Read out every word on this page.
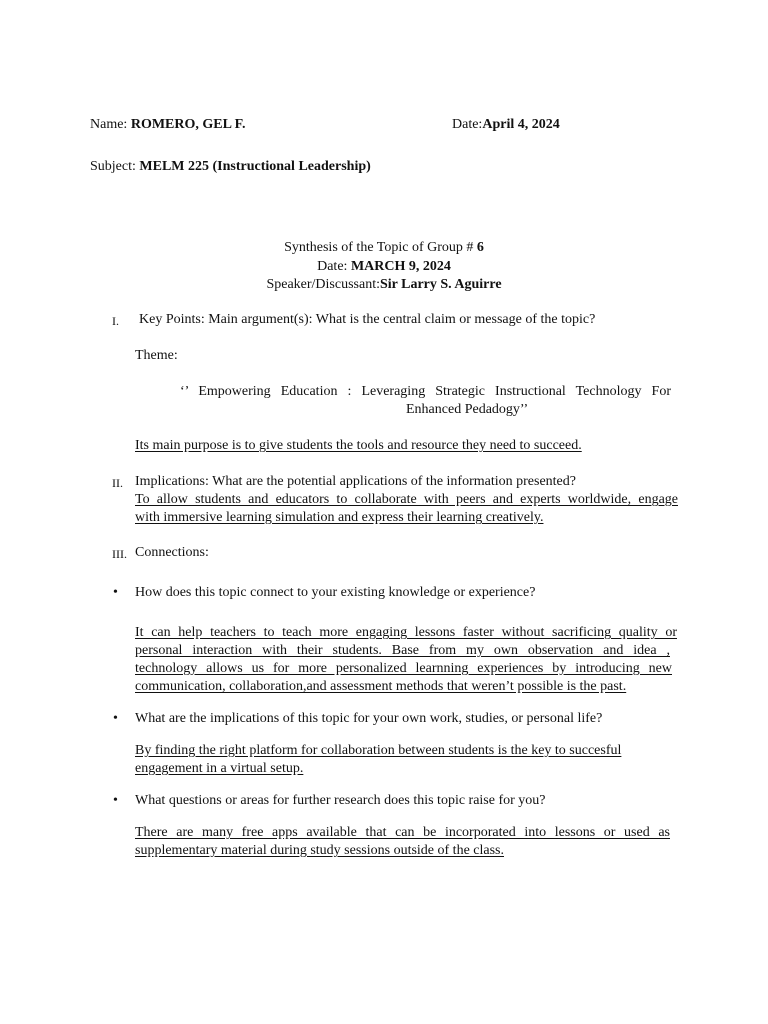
Name: ROMERO, GEL F.	Date:April 4, 2024
Subject: MELM 225 (Instructional Leadership)
Synthesis of the Topic of Group # 6
Date: MARCH 9, 2024
Speaker/Discussant:Sir Larry S. Aguirre
I. Key Points: Main argument(s): What is the central claim or message of the topic?
Theme:
‘’ Empowering Education : Leveraging Strategic Instructional Technology For
Enhanced Pedadogy’’
Its main purpose is to give students the tools and resource they need to succeed.
II. Implications: What are the potential applications of the information presented?
To allow students and educators to collaborate with peers and experts worldwide, engage
with immersive learning simulation and express their learning creatively.
III. Connections:
• How does this topic connect to your existing knowledge or experience?
It can help teachers to teach more engaging lessons faster without sacrificing quality or
personal interaction with their students. Base from my own observation and idea ,
technology allows us for more personalized learnning experiences by introducing new
communication, collaboration,and assessment methods that weren’t possible is the past.
• What are the implications of this topic for your own work, studies, or personal life?
By finding the right platform for collaboration between students is the key to succesful
engagement in a virtual setup.
• What questions or areas for further research does this topic raise for you?
There are many free apps available that can be incorporated into lessons or used as
supplementary material during study sessions outside of the class.
